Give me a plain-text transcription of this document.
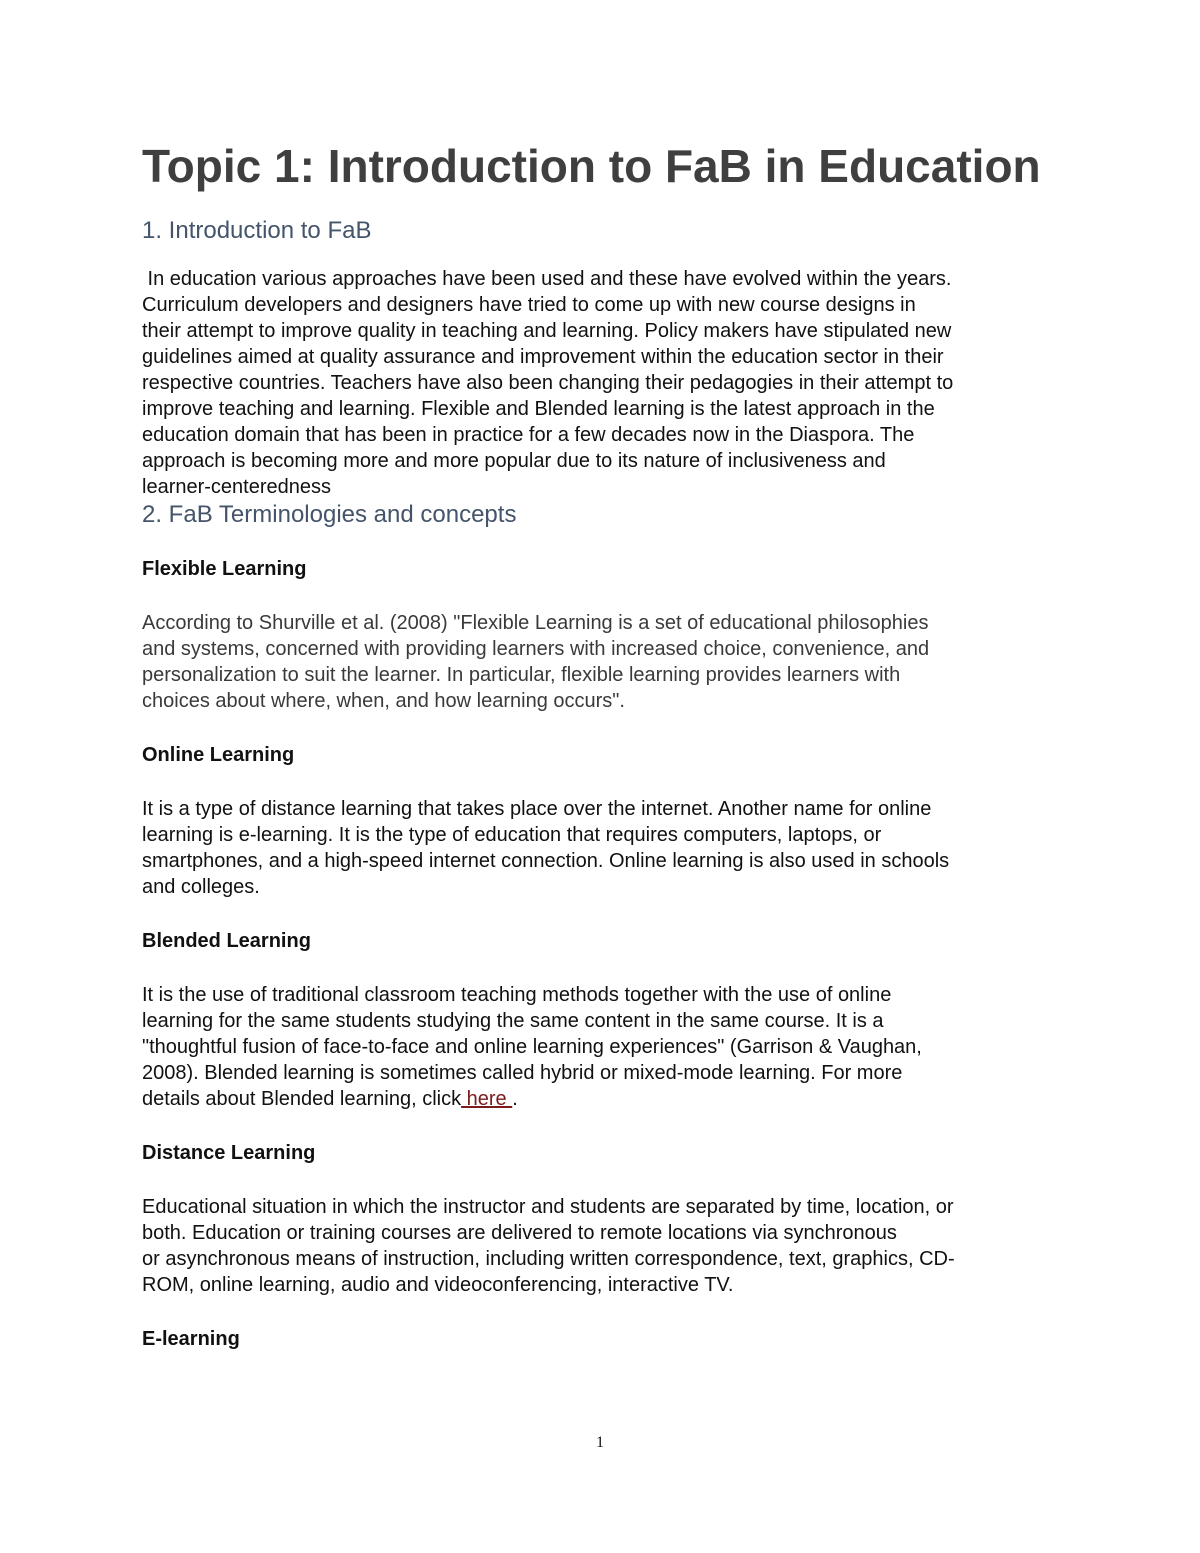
Topic 1: Introduction to FaB in Education
1. Introduction to FaB
In education various approaches have been used and these have evolved within the years.
Curriculum developers and designers have tried to come up with new course designs in
their attempt to improve quality in teaching and learning. Policy makers have stipulated new
guidelines aimed at quality assurance and improvement within the education sector in their
respective countries. Teachers have also been changing their pedagogies in their attempt to
improve teaching and learning. Flexible and Blended learning is the latest approach in the
education domain that has been in practice for a few decades now in the Diaspora. The
approach is becoming more and more popular due to its nature of inclusiveness and
learner-centeredness
2. FaB Terminologies and concepts
Flexible Learning
According to Shurville et al. (2008) "Flexible Learning is a set of educational philosophies
and systems, concerned with providing learners with increased choice, convenience, and
personalization to suit the learner. In particular, flexible learning provides learners with
choices about where, when, and how learning occurs".
Online Learning
It is a type of distance learning that takes place over the internet. Another name for online
learning is e-learning. It is the type of education that requires computers, laptops, or
smartphones, and a high-speed internet connection. Online learning is also used in schools
and colleges.
Blended Learning
It is the use of traditional classroom teaching methods together with the use of online
learning for the same students studying the same content in the same course. It is a
"thoughtful fusion of face-to-face and online learning experiences" (Garrison & Vaughan,
2008). Blended learning is sometimes called hybrid or mixed-mode learning. For more
details about Blended learning, click here .
Distance Learning
Educational situation in which the instructor and students are separated by time, location, or
both. Education or training courses are delivered to remote locations via synchronous
or asynchronous means of instruction, including written correspondence, text, graphics, CD-
ROM, online learning, audio and videoconferencing, interactive TV.
E-learning
1
